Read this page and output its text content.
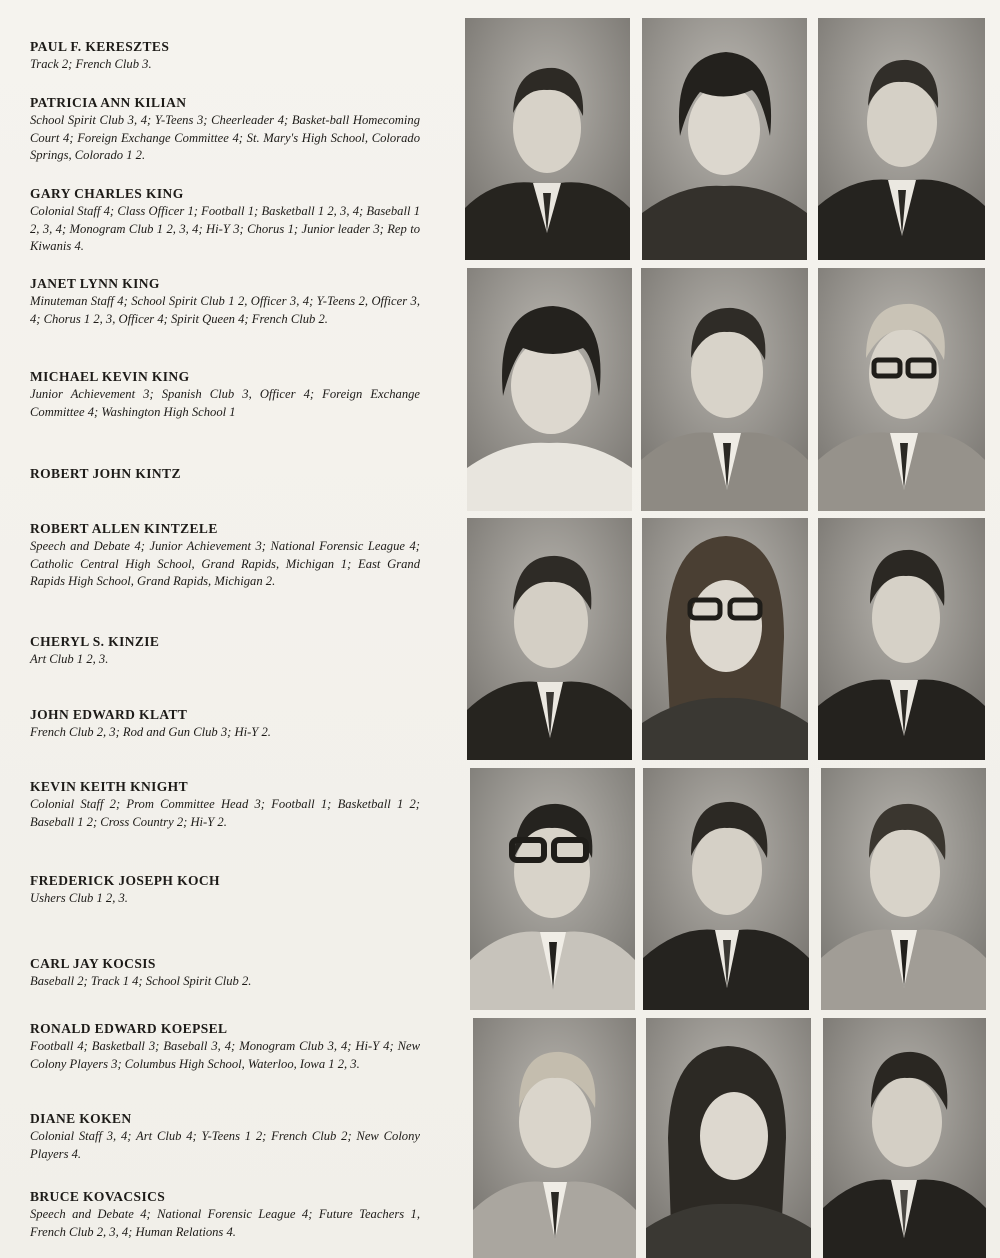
PAUL F. KERESZTES

Track 2; French Club 3.

PATRICIA ANN KILIAN

School Spirit Club 3, 4; Y-Teens 3; Cheerleader 4; Basket-ball Homecoming Court 4; Foreign Exchange Committee 4; St. Mary's High School, Colorado Springs, Colorado 1 2.

GARY CHARLES KING

Colonial Staff 4; Class Officer 1; Football 1; Basketball 1 2, 3, 4; Baseball 1 2, 3, 4; Monogram Club 1 2, 3, 4; Hi-Y 3; Chorus 1; Junior leader 3; Rep to Kiwanis 4.

JANET LYNN KING

Minuteman Staff 4; School Spirit Club 1 2, Officer 3, 4; Y-Teens 2, Officer 3, 4; Chorus 1 2, 3, Officer 4; Spirit Queen 4; French Club 2.

MICHAEL KEVIN KING

Junior Achievement 3; Spanish Club 3, Officer 4; Foreign Exchange Committee 4; Washington High School 1

ROBERT JOHN KINTZ

ROBERT ALLEN KINTZELE

Speech and Debate 4; Junior Achievement 3; National Forensic League 4; Catholic Central High School, Grand Rapids, Michigan 1; East Grand Rapids High School, Grand Rapids, Michigan 2.

CHERYL S. KINZIE

Art Club 1 2, 3.

JOHN EDWARD KLATT

French Club 2, 3; Rod and Gun Club 3; Hi-Y 2.

KEVIN KEITH KNIGHT

Colonial Staff 2; Prom Committee Head 3; Football 1; Basketball 1 2; Baseball 1 2; Cross Country 2; Hi-Y 2.

FREDERICK JOSEPH KOCH

Ushers Club 1 2, 3.

CARL JAY KOCSIS

Baseball 2; Track 1 4; School Spirit Club 2.

RONALD EDWARD KOEPSEL

Football 4; Basketball 3; Baseball 3, 4; Monogram Club 3, 4; Hi-Y 4; New Colony Players 3; Columbus High School, Waterloo, Iowa 1 2, 3.

DIANE KOKEN

Colonial Staff 3, 4; Art Club 4; Y-Teens 1 2; French Club 2; New Colony Players 4.

BRUCE KOVACSICS

Speech and Debate 4; National Forensic League 4; Future Teachers 1, French Club 2, 3, 4; Human Relations 4.
